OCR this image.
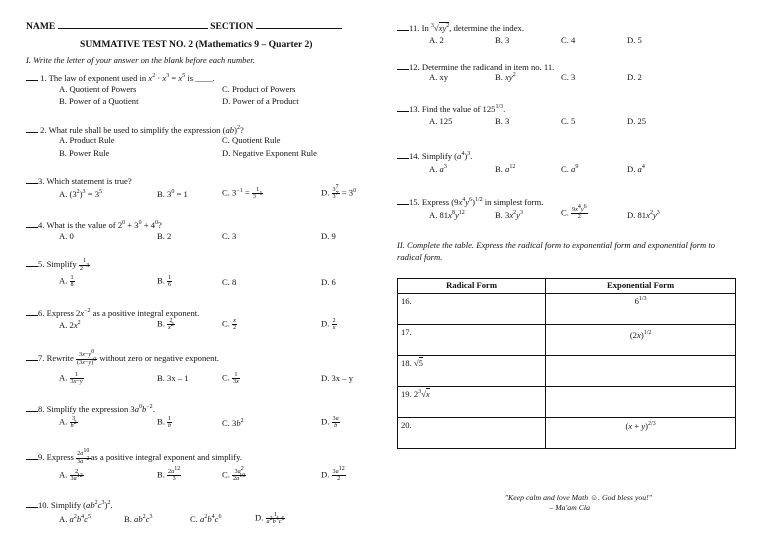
NAME	SECTION
SUMMATIVE TEST NO. 2 (Mathematics 9 – Quarter 2)
I. Write the letter of your answer on the blank before each number.
1. The law of exponent used in $x^2 \cdot x^3 = x^5$ is ____.
A. Quotient of Powers	C. Product of Powers
B. Power of a Quotient	D. Power of a Product
2. What rule shall be used to simplify the expression (ab)$^2$?
A. Product Rule	C. Quotient Rule
B. Power Rule	D. Negative Exponent Rule
3. Which statement is true?
A. $(3^2)^3 = 3^5$	B. $3^0 = 1$	C. $3^{-1} = \frac{1}{3-1}$	D. $\frac{37}{37} = 3^0$
4. What is the value of $2^0 + 3^0 + 4^0$?
A. 0	B. 2	C. 3	D. 9
5. Simplify $\frac{1}{2-3}$
A. $\frac{1}{8}$	B. $\frac{1}{6}$	C. 8	D. 6
6. Express $2x^{-2}$ as a positive integral exponent.
A. $2x^2$	B. $\frac{2}{x2}$	C. $\frac{x}{2}$	D. $\frac{2}{x}$
7. Rewrite $\frac{3x-y0}{(3x-y)0}$ without zero or negative exponent.
A. $\frac{1}{3x-y}$	B. 3x – 1	C. $\frac{1}{3x}$	D. 3x – y
8. Simplify the expression $3a^0b^{-2}$.
A. $\frac{3}{b2}$	B. $\frac{1}{b}$	C. $3b^2$	D. $\frac{3a}{b}$
9. Express $\frac{2a10}{3a-2}$ as a positive integral exponent and simplify.
A. $\frac{2}{3a12}$	B. $\frac{2a12}{3}$	C. $\frac{3a2}{2a10}$	D. $\frac{3a12}{2}$
10. Simplify $(ab^2c^3)^2$.
A. $a^2b^4c^5$	B. $ab^2c^3$	C. $a^2b^4c^6$	D. $\frac{1}{a2b4c6}$
11. In $^3√xy^2$, determine the index.
A. 2	B. 3	C. 4	D. 5
12. Determine the radicand in item no. 11.
A. xy	B. $xy^2$	C. 3	D. 2
13. Find the value of $125^{1/3}$.
A. 125	B. 3	C. 5	D. 25
14. Simplify $(a^4)^3$.
A. $a^3$	B. $a^{12}$	C. $a^9$	D. $a^4$
15. Express $(9x^4y^6)^{1/2}$ in simplest form.
A. $81x^8y^{12}$	B. $3x^2y^3$	C. $\frac{9x4y6}{2}$	D. $81x^2y^3$
II. Complete the table. Express the radical form to exponential form and exponential form to radical form.
Radical Form	Exponential Form

16.	$6^{1/3}$

17.	$(2x)^{1/2}$

18. √5	

19. $2^3√x$	

20.	$(x + y)^{2/3}$
"Keep calm and love Math ☺. God bless you!"
– Ma'am Cla
